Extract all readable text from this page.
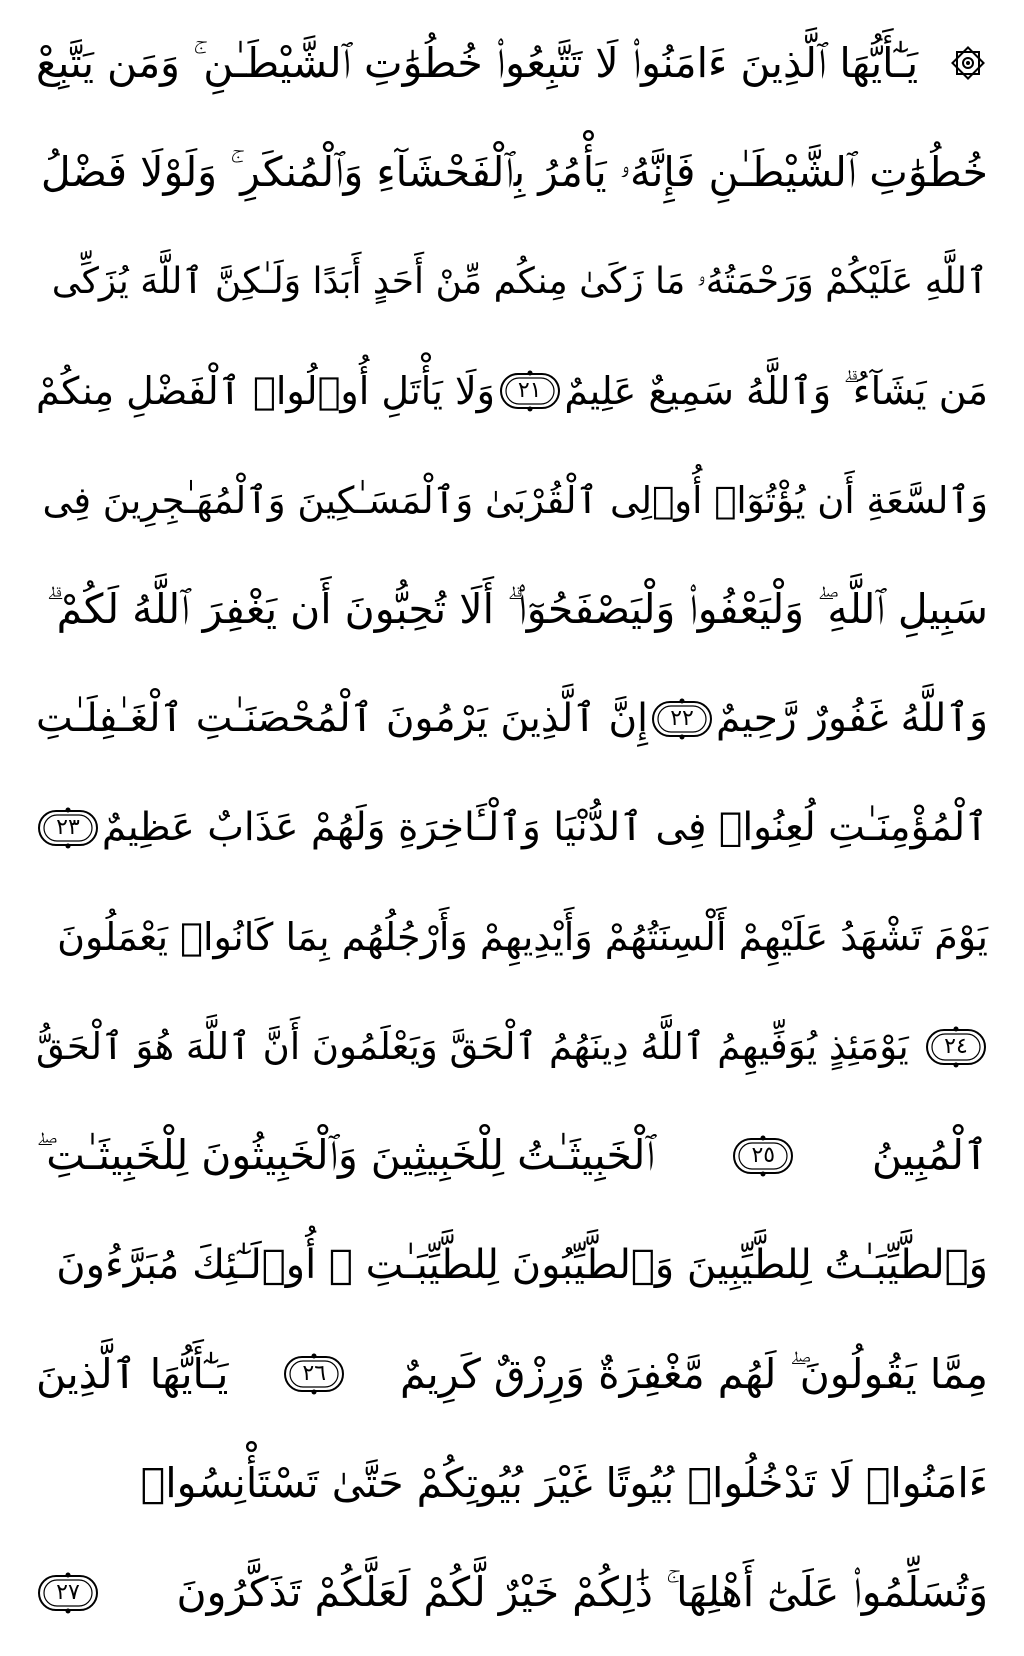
يَـٰٓأَيُّهَا ٱلَّذِينَ ءَامَنُوا۟ لَا تَتَّبِعُوا۟ خُطُوَٰتِ ٱلشَّيْطَـٰنِ ۚ وَمَن يَتَّبِعْ
خُطُوَٰتِ ٱلشَّيْطَـٰنِ فَإِنَّهُۥ يَأْمُرُ بِٱلْفَحْشَآءِ وَٱلْمُنكَرِ ۚ وَلَوْلَا فَضْلُ
ٱللَّهِ عَلَيْكُمْ وَرَحْمَتُهُۥ مَا زَكَىٰ مِنكُم مِّنْ أَحَدٍ أَبَدًا وَلَـٰكِنَّ ٱللَّهَ يُزَكِّى
مَن يَشَآءُ ۗ وَٱللَّهُ سَمِيعٌ عَلِيمٌ
٢١
وَلَا يَأْتَلِ أُو۟لُوا۟ ٱلْفَضْلِ مِنكُمْ
وَٱلسَّعَةِ أَن يُؤْتُوٓا۟ أُو۟لِى ٱلْقُرْبَىٰ وَٱلْمَسَـٰكِينَ وَٱلْمُهَـٰجِرِينَ فِى
سَبِيلِ ٱللَّهِ ۖ وَلْيَعْفُوا۟ وَلْيَصْفَحُوٓا۟ ۗ أَلَا تُحِبُّونَ أَن يَغْفِرَ ٱللَّهُ لَكُمْ ۗ
وَٱللَّهُ غَفُورٌ رَّحِيمٌ
٢٢
إِنَّ ٱلَّذِينَ يَرْمُونَ ٱلْمُحْصَنَـٰتِ ٱلْغَـٰفِلَـٰتِ
ٱلْمُؤْمِنَـٰتِ لُعِنُوا۟ فِى ٱلدُّنْيَا وَٱلْـَٔاخِرَةِ وَلَهُمْ عَذَابٌ عَظِيمٌ
٢٣
يَوْمَ تَشْهَدُ عَلَيْهِمْ أَلْسِنَتُهُمْ وَأَيْدِيهِمْ وَأَرْجُلُهُم بِمَا كَانُوا۟ يَعْمَلُونَ
٢٤
يَوْمَئِذٍ يُوَفِّيهِمُ ٱللَّهُ دِينَهُمُ ٱلْحَقَّ وَيَعْلَمُونَ أَنَّ ٱللَّهَ هُوَ ٱلْحَقُّ
ٱلْمُبِينُ
٢٥
ٱلْخَبِيثَـٰتُ لِلْخَبِيثِينَ وَٱلْخَبِيثُونَ لِلْخَبِيثَـٰتِ ۖ
وَٱلطَّيِّبَـٰتُ لِلطَّيِّبِينَ وَٱلطَّيِّبُونَ لِلطَّيِّبَـٰتِ ۚ أُو۟لَـٰٓئِكَ مُبَرَّءُونَ
مِمَّا يَقُولُونَ ۖ لَهُم مَّغْفِرَةٌ وَرِزْقٌ كَرِيمٌ
٢٦
يَـٰٓأَيُّهَا ٱلَّذِينَ
ءَامَنُوا۟ لَا تَدْخُلُوا۟ بُيُوتًا غَيْرَ بُيُوتِكُمْ حَتَّىٰ تَسْتَأْنِسُوا۟
وَتُسَلِّمُوا۟ عَلَىٰٓ أَهْلِهَا ۚ ذَٰلِكُمْ خَيْرٌ لَّكُمْ لَعَلَّكُمْ تَذَكَّرُونَ
٢٧
